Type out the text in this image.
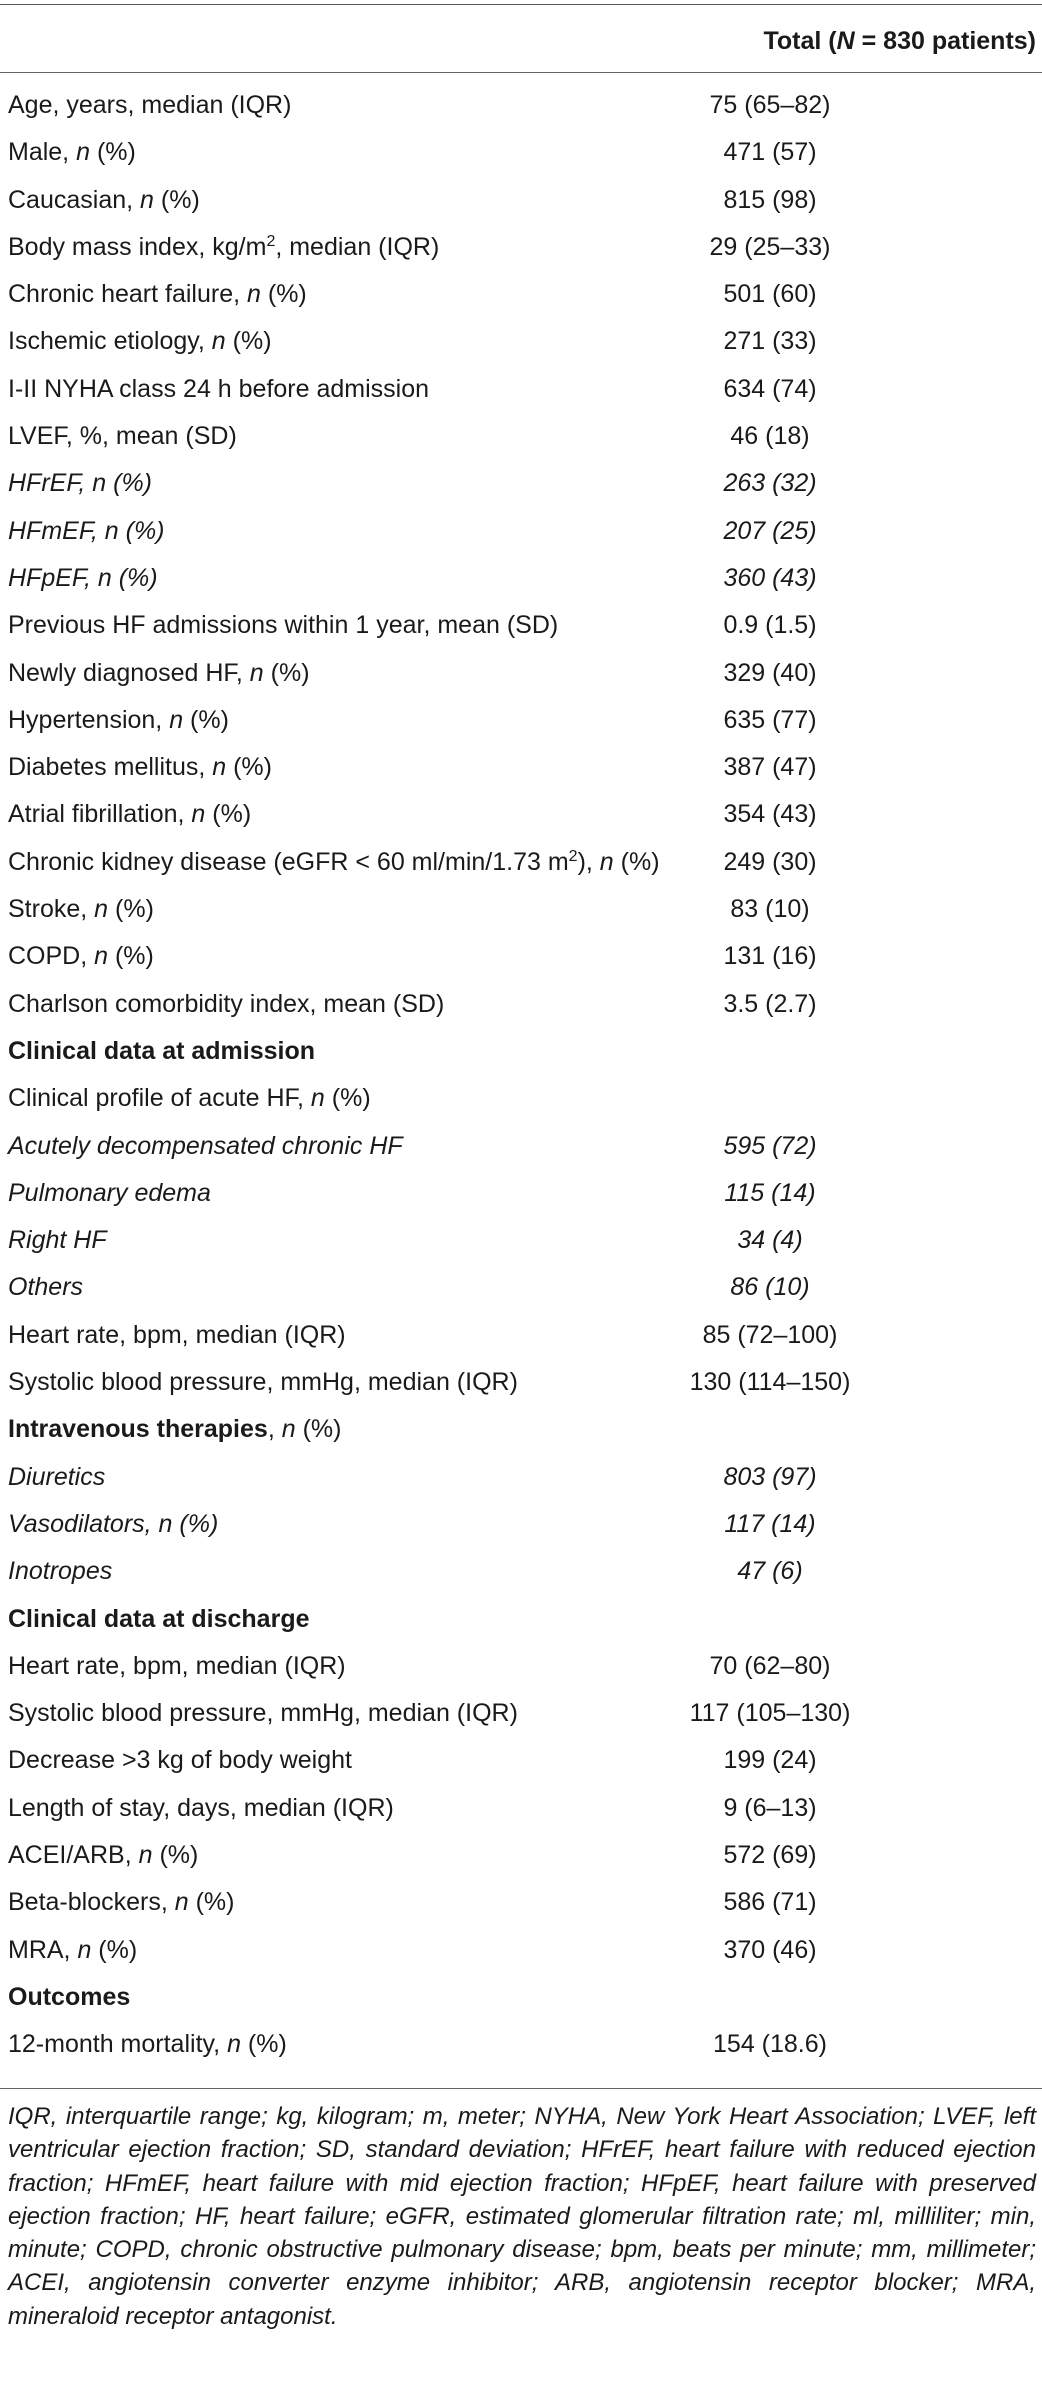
Total (N = 830 patients)
Age, years, median (IQR)	75 (65–82)
Male, n (%)	471 (57)
Caucasian, n (%)	815 (98)
Body mass index, $kg/m^2$, median (IQR)	29 (25–33)
Chronic heart failure, n (%)	501 (60)
Ischemic etiology, n (%)	271 (33)
I-II NYHA class 24 h before admission	634 (74)
LVEF, %, mean (SD)	46 (18)
HFrEF, n (%)	263 (32)
HFmEF, n (%)	207 (25)
HFpEF, n (%)	360 (43)
Previous HF admissions within 1 year, mean (SD)	0.9 (1.5)
Newly diagnosed HF, n (%)	329 (40)
Hypertension, n (%)	635 (77)
Diabetes mellitus, n (%)	387 (47)
Atrial fibrillation, n (%)	354 (43)
Chronic kidney disease (eGFR < 60 ml/min/1.73 $m^2$), n (%)	249 (30)
Stroke, n (%)	83 (10)
COPD, n (%)	131 (16)
Charlson comorbidity index, mean (SD)	3.5 (2.7)
Clinical data at admission
Clinical profile of acute HF, n (%)
Acutely decompensated chronic HF	595 (72)
Pulmonary edema	115 (14)
Right HF	34 (4)
Others	86 (10)
Heart rate, bpm, median (IQR)	85 (72–100)
Systolic blood pressure, mmHg, median (IQR)	130 (114–150)
Intravenous therapies, n (%)
Diuretics	803 (97)
Vasodilators, n (%)	117 (14)
Inotropes	47 (6)
Clinical data at discharge
Heart rate, bpm, median (IQR)	70 (62–80)
Systolic blood pressure, mmHg, median (IQR)	117 (105–130)
Decrease >3 kg of body weight	199 (24)
Length of stay, days, median (IQR)	9 (6–13)
ACEI/ARB, n (%)	572 (69)
Beta-blockers, n (%)	586 (71)
MRA, n (%)	370 (46)
Outcomes
12-month mortality, n (%)	154 (18.6)
IQR, interquartile range; kg, kilogram; m, meter; NYHA, New York Heart Association; LVEF, left ventricular ejection fraction; SD, standard deviation; HFrEF, heart failure with reduced ejection fraction; HFmEF, heart failure with mid ejection fraction; HFpEF, heart failure with preserved ejection fraction; HF, heart failure; eGFR, estimated glomerular filtration rate; ml, milliliter; min, minute; COPD, chronic obstructive pulmonary disease; bpm, beats per minute; mm, millimeter; ACEI, angiotensin converter enzyme inhibitor; ARB, angiotensin receptor blocker; MRA, mineraloid receptor antagonist.
